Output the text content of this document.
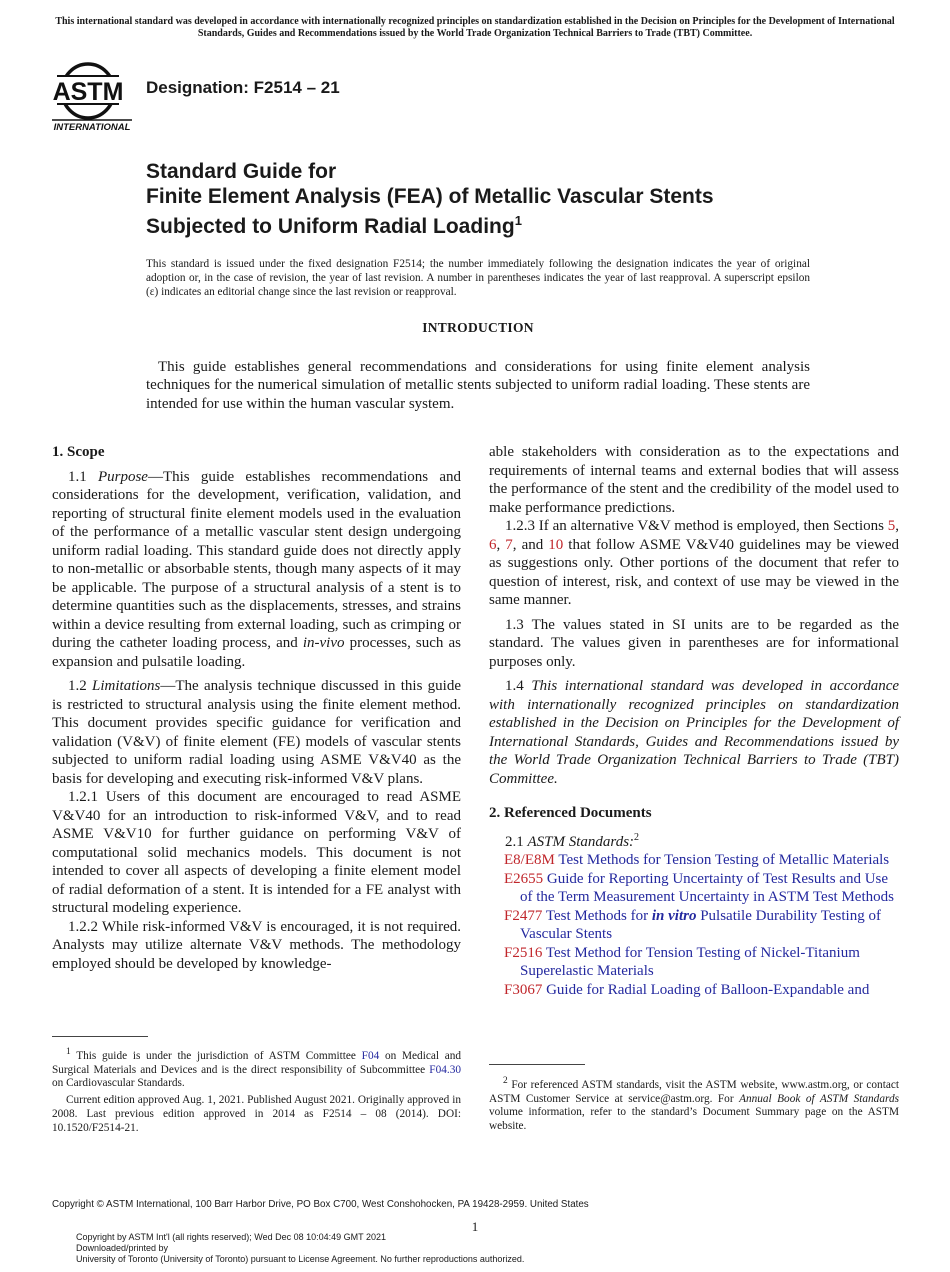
This international standard was developed in accordance with internationally recognized principles on standardization established in the Decision on Principles for the Development of International Standards, Guides and Recommendations issued by the World Trade Organization Technical Barriers to Trade (TBT) Committee.
ASTM
INTERNATIONAL
Designation: F2514 – 21
Standard Guide for
Finite Element Analysis (FEA) of Metallic Vascular Stents
Subjected to Uniform Radial Loading$^1$
This standard is issued under the fixed designation F2514; the number immediately following the designation indicates the year of original adoption or, in the case of revision, the year of last revision. A number in parentheses indicates the year of last reapproval. A superscript epsilon (ε) indicates an editorial change since the last revision or reapproval.
INTRODUCTION
This guide establishes general recommendations and considerations for using finite element analysis techniques for the numerical simulation of metallic stents subjected to uniform radial loading. These stents are intended for use within the human vascular system.

1. Scope

1.1 Purpose—This guide establishes recommendations and considerations for the development, verification, validation, and reporting of structural finite element models used in the evaluation of the performance of a metallic vascular stent design undergoing uniform radial loading. This standard guide does not directly apply to non-metallic or absorbable stents, though many aspects of it may be applicable. The purpose of a structural analysis of a stent is to determine quantities such as the displacements, stresses, and strains within a device resulting from external loading, such as crimping or during the catheter loading process, and in-vivo processes, such as expansion and pulsatile loading.

1.2 Limitations—The analysis technique discussed in this guide is restricted to structural analysis using the finite element method. This document provides specific guidance for verification and validation (V&V) of finite element (FE) models of vascular stents subjected to uniform radial loading using ASME V&V40 as the basis for developing and executing risk-informed V&V plans.

1.2.1 Users of this document are encouraged to read ASME V&V40 for an introduction to risk-informed V&V, and to read ASME V&V10 for further guidance on performing V&V of computational solid mechanics models. This document is not intended to cover all aspects of developing a finite element model of radial deformation of a stent. It is intended for a FE analyst with structural modeling experience.

1.2.2 While risk-informed V&V is encouraged, it is not required. Analysts may utilize alternate V&V methods. The methodology employed should be developed by knowledge-

able stakeholders with consideration as to the expectations and requirements of internal teams and external bodies that will assess the performance of the stent and the credibility of the model used to make performance predictions.

1.2.3 If an alternative V&V method is employed, then Sections 5, 6, 7, and 10 that follow ASME V&V40 guidelines may be viewed as suggestions only. Other portions of the document that refer to question of interest, risk, and context of use may be viewed in the same manner.

1.3 The values stated in SI units are to be regarded as the standard. The values given in parentheses are for informational purposes only.

1.4 This international standard was developed in accordance with internationally recognized principles on standardization established in the Decision on Principles for the Development of International Standards, Guides and Recommendations issued by the World Trade Organization Technical Barriers to Trade (TBT) Committee.

2. Referenced Documents

2.1 ASTM Standards:$^2$

E8/E8M Test Methods for Tension Testing of Metallic Materials

E2655 Guide for Reporting Uncertainty of Test Results and Use of the Term Measurement Uncertainty in ASTM Test Methods

F2477 Test Methods for in vitro Pulsatile Durability Testing of Vascular Stents

F2516 Test Method for Tension Testing of Nickel-Titanium Superelastic Materials

F3067 Guide for Radial Loading of Balloon-Expandable and

$^1$ This guide is under the jurisdiction of ASTM Committee F04 on Medical and Surgical Materials and Devices and is the direct responsibility of Subcommittee F04.30 on Cardiovascular Standards.

Current edition approved Aug. 1, 2021. Published August 2021. Originally approved in 2008. Last previous edition approved in 2014 as F2514 – 08 (2014). DOI: 10.1520/F2514-21.

$^2$ For referenced ASTM standards, visit the ASTM website, www.astm.org, or contact ASTM Customer Service at service@astm.org. For Annual Book of ASTM Standards volume information, refer to the standard’s Document Summary page on the ASTM website.

Copyright © ASTM International, 100 Barr Harbor Drive, PO Box C700, West Conshohocken, PA 19428-2959. United States
1
Copyright by ASTM Int'l (all rights reserved); Wed Dec 08 10:04:49 GMT 2021
Downloaded/printed by
University of Toronto (University of Toronto) pursuant to License Agreement. No further reproductions authorized.
